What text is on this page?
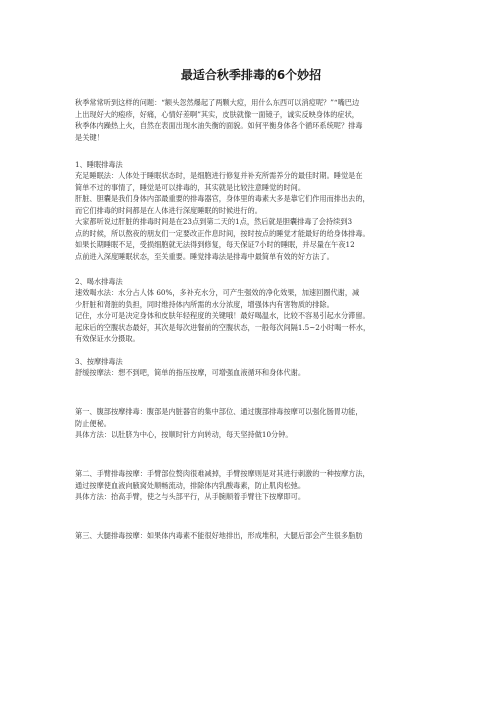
最适合秋季排毒的6个妙招
秋季常常听到这样的问题：“额头忽然爆起了两颗大痘，用什么东西可以消痘呢？”“嘴巴边
上出现好大的疱疹，好痛，心情好差啊”其实，皮肤就像一面镜子，诚实反映身体的症状，
秋季体内躁热上火，自然在表面出现水油失衡的面貌。如何平衡身体各个循环系统呢？排毒
是关键！
1、睡眠排毒法
充足睡眠法：人体处于睡眠状态时，是细胞进行修复并补充所需养分的最佳时期。睡觉是在
简单不过的事情了，睡觉是可以排毒的，其实就是比较注意睡觉的时间。
肝脏、胆囊是我们身体内部最重要的排毒器官，身体里的毒素大多是靠它们作用而排出去的，
而它们排毒的时间都是在人体进行深度睡眠的时候进行的。
大家都听说过肝脏的排毒时间是在23点到第二天的1点，然后就是胆囊排毒了会持续到3
点的时候，所以熬夜的朋友们一定要改正作息时间，按时按点的睡觉才能最好的给身体排毒。
如果长期睡眠不足，受损细胞就无法得到修复，每天保证7小时的睡眠，并尽量在午夜12
点前进入深度睡眠状态，至关重要。睡觉排毒法是排毒中最简单有效的好方法了。
2、喝水排毒法
速效喝水法：水分占人体 60%，多补充水分，可产生强效的净化效果，加速回圈代谢，减
少肝脏和肾脏的负担，同时维持体内所需的水分浓度，增强体内有害物质的排除。
记住，水分可是决定身体和皮肤年轻程度的关键哦！最好喝温水，比较不容易引起水分滞留。
起床后的空腹状态最好，其次是每次进餐前的空腹状态，一般每次间隔1.5~2小时喝一杯水，
有效保证水分摄取。
3、按摩排毒法
舒缓按摩法：想不到吧，简单的指压按摩，可增强血液循环和身体代谢。
第一、腹部按摩排毒：腹部是内脏器官的集中部位、通过腹部排毒按摩可以强化肠胃功能，
防止便秘。
具体方法：以肚脐为中心，按顺时针方向转动，每天坚持做10分钟。
第二、手臂排毒按摩：手臂部位赘肉很难减掉，手臂按摩则是对其进行刺激的一种按摩方法，
通过按摩使血液向腋窝处顺畅流动，排除体内乳酸毒素，防止肌肉松弛。
具体方法：抬高手臂，使之与头部平行，从手腕顺着手臂往下按摩即可。
第三、大腿排毒按摩：如果体内毒素不能很好地排出，形成堆积，大腿后部会产生很多脂肪
